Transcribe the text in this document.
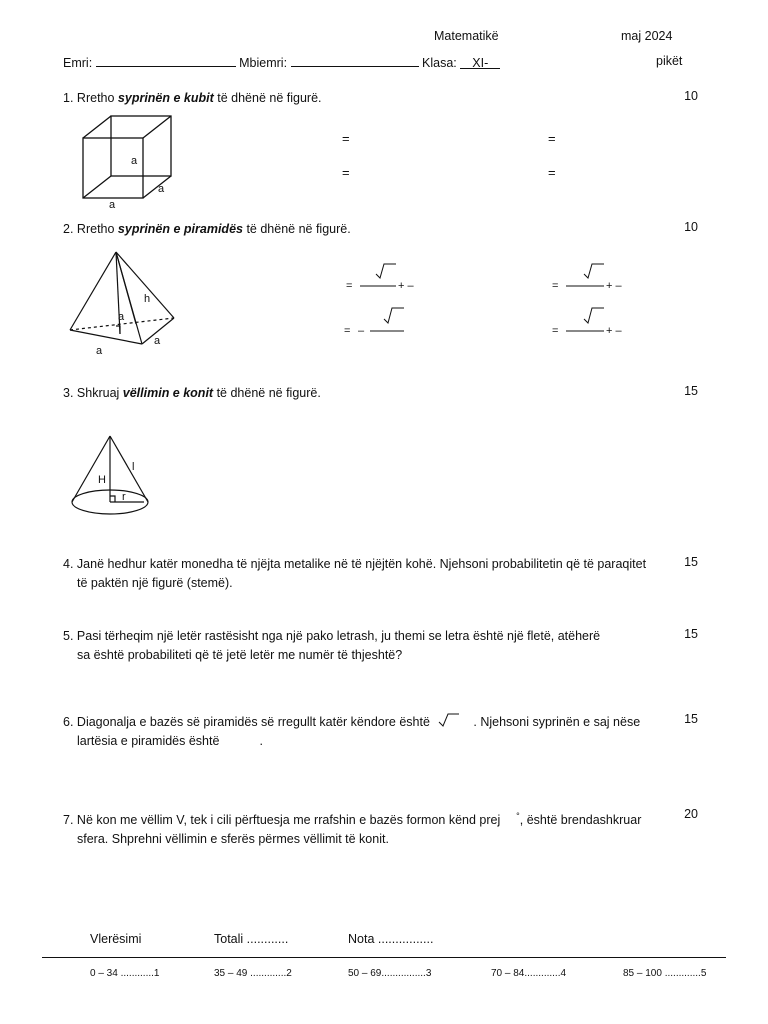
Matematikë	maj 2024
Emri:	Mbiemri:	Klasa: XI-	pikët
1. Rretho syprinën e kubit të dhënë në figurë.	10
a
a
a
=	=
=	=
2. Rretho syprinën e piramidës të dhënë në figurë.	10
h
a
a
a
=	+ –	=	+ –
= –	=	+ –
3. Shkruaj vëllimin e konit të dhënë në figurë.	15
H
l
r
4. Janë hedhur katër monedha të njëjta metalike në të njëjtën kohë. Njehsoni probabilitetin që të paraqitet
të paktën një figurë (stemë).
15
5. Pasi tërheqim një letër rastësisht nga një pako letrash, ju themi se letra është një fletë, atëherë
sa është probabiliteti që të jetë letër me numër të thjeshtë?
15
6. Diagonalja e bazës së piramidës së rregullt katër këndore është	. Njehsoni syprinën e saj nëse
lartësia e piramidës është	.
15
7. Në kon me vëllim V, tek i cili përftuesja me rrafshin e bazës formon kënd prej °, është brendashkruar
sfera. Shprehni vëllimin e sferës përmes vëllimit të konit.
20
Vlerësimi	Totali ............	Nota ................
0 – 34 ............1	35 – 49 .............2	50 – 69................3	70 – 84.............4	85 – 100 .............5
